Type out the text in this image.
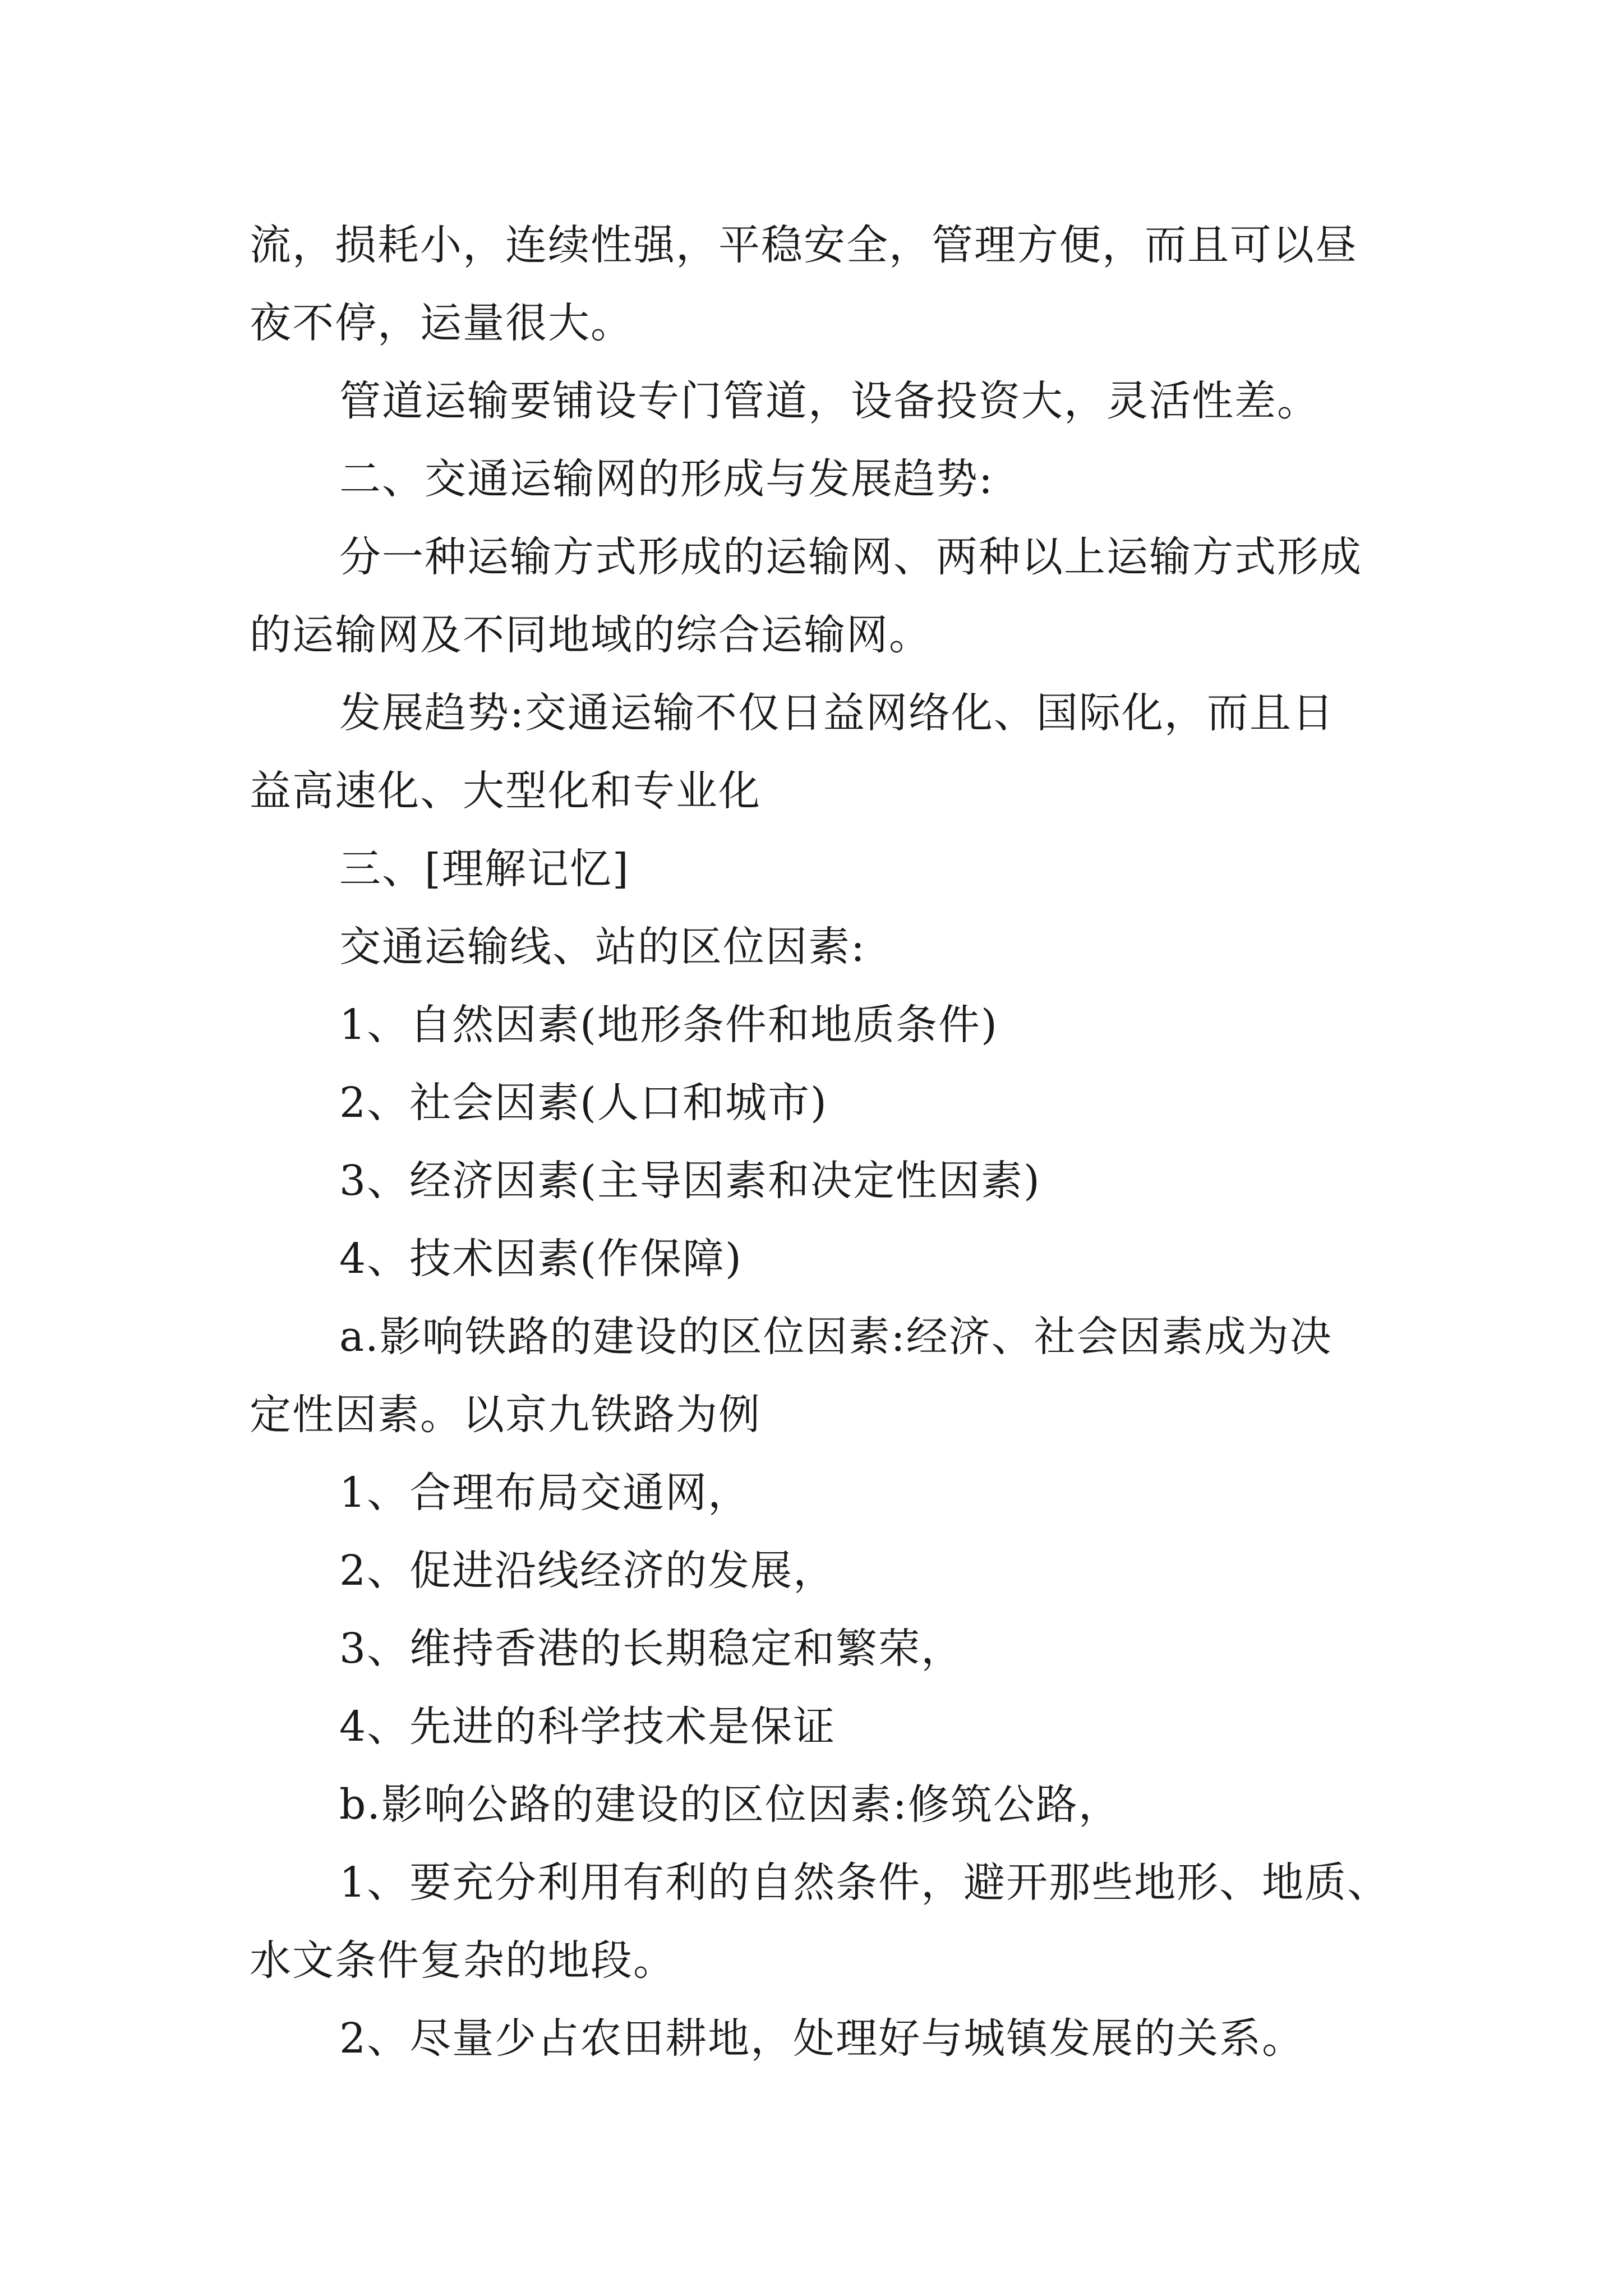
流，损耗小，连续性强，平稳安全，管理方便，而且可以昼

夜不停，运量很大。

管道运输要铺设专门管道，设备投资大，灵活性差。

二、交通运输网的形成与发展趋势:

分一种运输方式形成的运输网、两种以上运输方式形成

的运输网及不同地域的综合运输网。

发展趋势:交通运输不仅日益网络化、国际化，而且日

益高速化、大型化和专业化

三、[理解记忆]

交通运输线、站的区位因素:

1、自然因素(地形条件和地质条件)

2、社会因素(人口和城市)

3、经济因素(主导因素和决定性因素)

4、技术因素(作保障)

a.影响铁路的建设的区位因素:经济、社会因素成为决

定性因素。以京九铁路为例

1、合理布局交通网，

2、促进沿线经济的发展，

3、维持香港的长期稳定和繁荣，

4、先进的科学技术是保证

b.影响公路的建设的区位因素:修筑公路，

1、要充分利用有利的自然条件，避开那些地形、地质、

水文条件复杂的地段。

2、尽量少占农田耕地，处理好与城镇发展的关系。
